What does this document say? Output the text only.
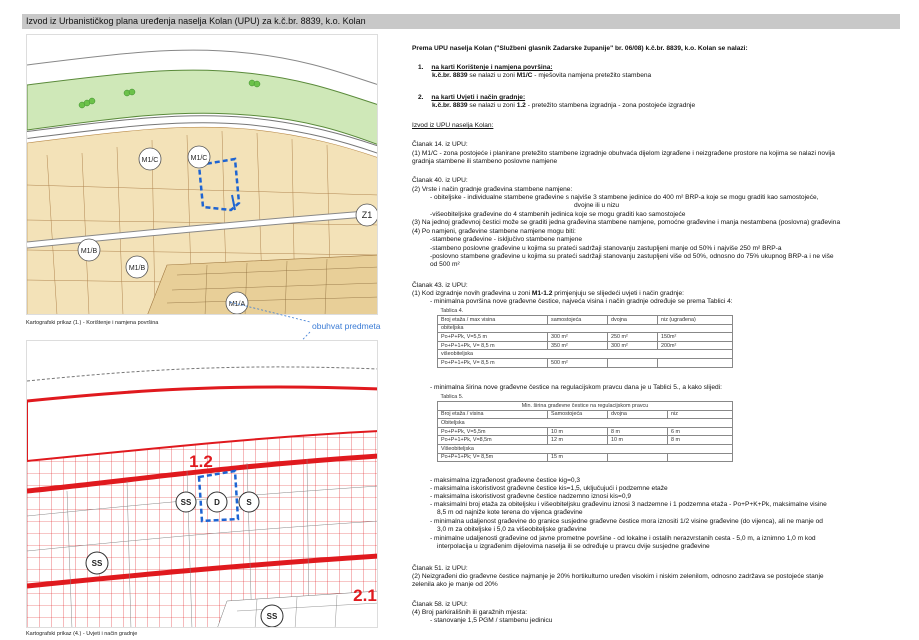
Izvod iz Urbanističkog plana uređenja naselja Kolan (UPU) za k.č.br. 8839, k.o. Kolan
M1/C	M1/C
Z1
M1/B
M1/B
M1/A
Kartografski prikaz (1.) - Korištenje i namjena površina	obuhvat predmeta
1.2
SS	D	S
SS
SS
2.1
Kartografski prikaz (4.) - Uvjeti i način gradnje
Prema UPU naselja Kolan ("Službeni glasnik Zadarske županije" br. 06/08) k.č.br. 8839, k.o. Kolan se nalazi:
1. na karti Korištenje i namjena površina:
k.č.br. 8839 se nalazi u zoni M1/C - mješovita namjena pretežito stambena
2. na karti Uvjeti i način gradnje:
k.č.br. 8839 se nalazi u zoni 1.2 - pretežito stambena izgradnja - zona postojeće izgradnje
Izvod iz UPU naselja Kolan:
Članak 14. iz UPU:
(1) M1/C - zona postojeće i planirane pretežito stambene izgradnje obuhvaća dijelom izgrađene i neizgrađene prostore na kojima se nalazi novija
gradnja stambene ili stambeno poslovne namjene
Članak 40. iz UPU:
(2) Vrste i način gradnje građevina stambene namjene:
- obiteljske - individualne stambene građevine s najviše 3 stambene jedinice do 400 m² BRP-a koje se mogu graditi kao samostojeće,
dvojne ili u nizu
-višeobiteljske građevine do 4 stambenih jedinica koje se mogu graditi kao samostojeće
(3) Na jednoj građevnoj čestici može se graditi jedna građevina stambene namjene, pomoćne građevine i manja nestambena (poslovna) građevina
(4) Po namjeni, građevine stambene namjene mogu biti:
-stambene građevine - isključivo stambene namjene
-stambeno poslovne građevine u kojima su prateći sadržaji stanovanju zastupljeni manje od 50% i najviše 250 m² BRP-a
-poslovno stambene građevine u kojima su prateći sadržaji stanovanju zastupljeni više od 50%, odnosno do 75% ukupnog BRP-a i ne više
od 500 m²
Članak 43. iz UPU:
(1) Kod izgradnje novih građevina u zoni M1-1.2 primjenjuju se slijedeći uvjeti i način gradnje:
- minimalna površina nove građevne čestice, najveća visina i način gradnje određuje se prema Tablici 4:
Tablica 4.			
Broj etaža / max visina	samostojeća	dvojna	niz (ugrađena)
obiteljska			
Po+P+Pk, V=5,5 m	300 m²	250 m²	150m²
Po+P+1+Pk, V= 8,5 m	350 m²	300 m²	200m²
višeobiteljska			
Po+P+1+Pk, V= 8,5 m	500 m²		
- minimalna širina nove građevne čestice na regulacijskom pravcu dana je u Tablici 5., a kako slijedi:
Tablica 5.			
Min. širina građevne čestice na regulacijskom pravcu			
Broj etaža / visina	Samostojeća	dvojna	niz
Obiteljska			
Po+P+Pk, V=5,5m	10 m	8 m	6 m
Po+P+1+Pk, V=8,5m	12 m	10 m	8 m
Višeobiteljska			
Po+P+1+Pk; V= 8,5m	15 m		
- maksimalna izgrađenost građevne čestice kig=0,3
- maksimalna iskoristivost građevne čestice kis=1,5, uključujući i podzemne etaže
- maksimalna iskoristivost građevne čestice nadzemno iznosi kis=0,9
- maksimalni broj etaža za obiteljsku i višeobiteljsku građevinu iznosi 3 nadzemne i 1 podzemna etaža - Po+P+K+Pk, maksimalne visine
8,5 m od najniže kote terena do vijenca građevine
- minimalna udaljenost građevine do granice susjedne građevne čestice mora iznositi 1/2 visine građevine (do vijenca), ali ne manje od
3,0 m za obiteljske i 5,0 za višeobiteljske građevine
- minimalne udaljenosti građevine od javne prometne površine - od lokalne i ostalih nerazvrstanih cesta - 5,0 m, a iznimno 1,0 m kod
interpolacija u izgrađenim dijelovima naselja ili se određuje u pravcu dvije susjedne građevine
Članak 51. iz UPU:
(2) Neizgrađeni dio građevne čestice najmanje je 20% hortikulturno uređen visokim i niskim zelenilom, odnosno zadržava se postojeće stanje
zelenila ako je manje od 20%
Članak 58. iz UPU:
(4) Broj parkirališnih ili garažnih mjesta:
- stanovanje 1,5 PGM / stambenu jedinicu
